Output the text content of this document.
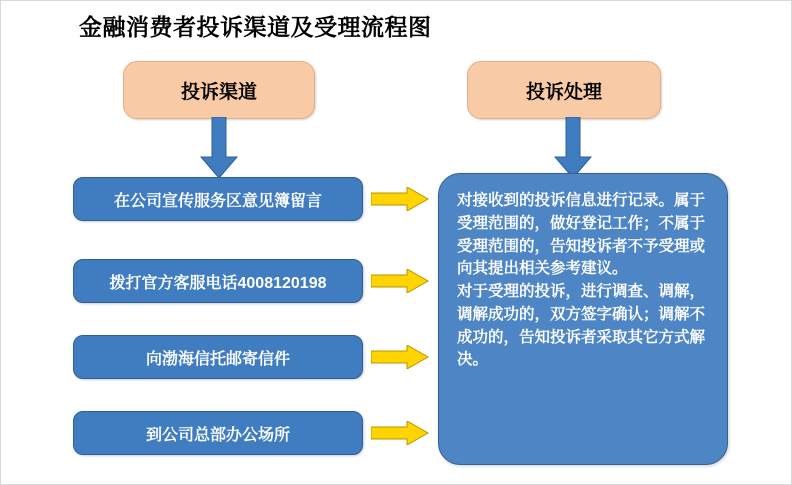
金融消费者投诉渠道及受理流程图
投诉渠道	投诉处理
在公司宣传服务区意见簿留言
拨打官方客服电话4008120198
向渤海信托邮寄信件
到公司总部办公场所

对接收到的投诉信息进行记录。属于受理范围的，做好登记工作；不属于受理范围的，告知投诉者不予受理或向其提出相关参考建议。

对于受理的投诉，进行调查、调解，调解成功的，双方签字确认；调解不成功的，告知投诉者采取其它方式解决。
